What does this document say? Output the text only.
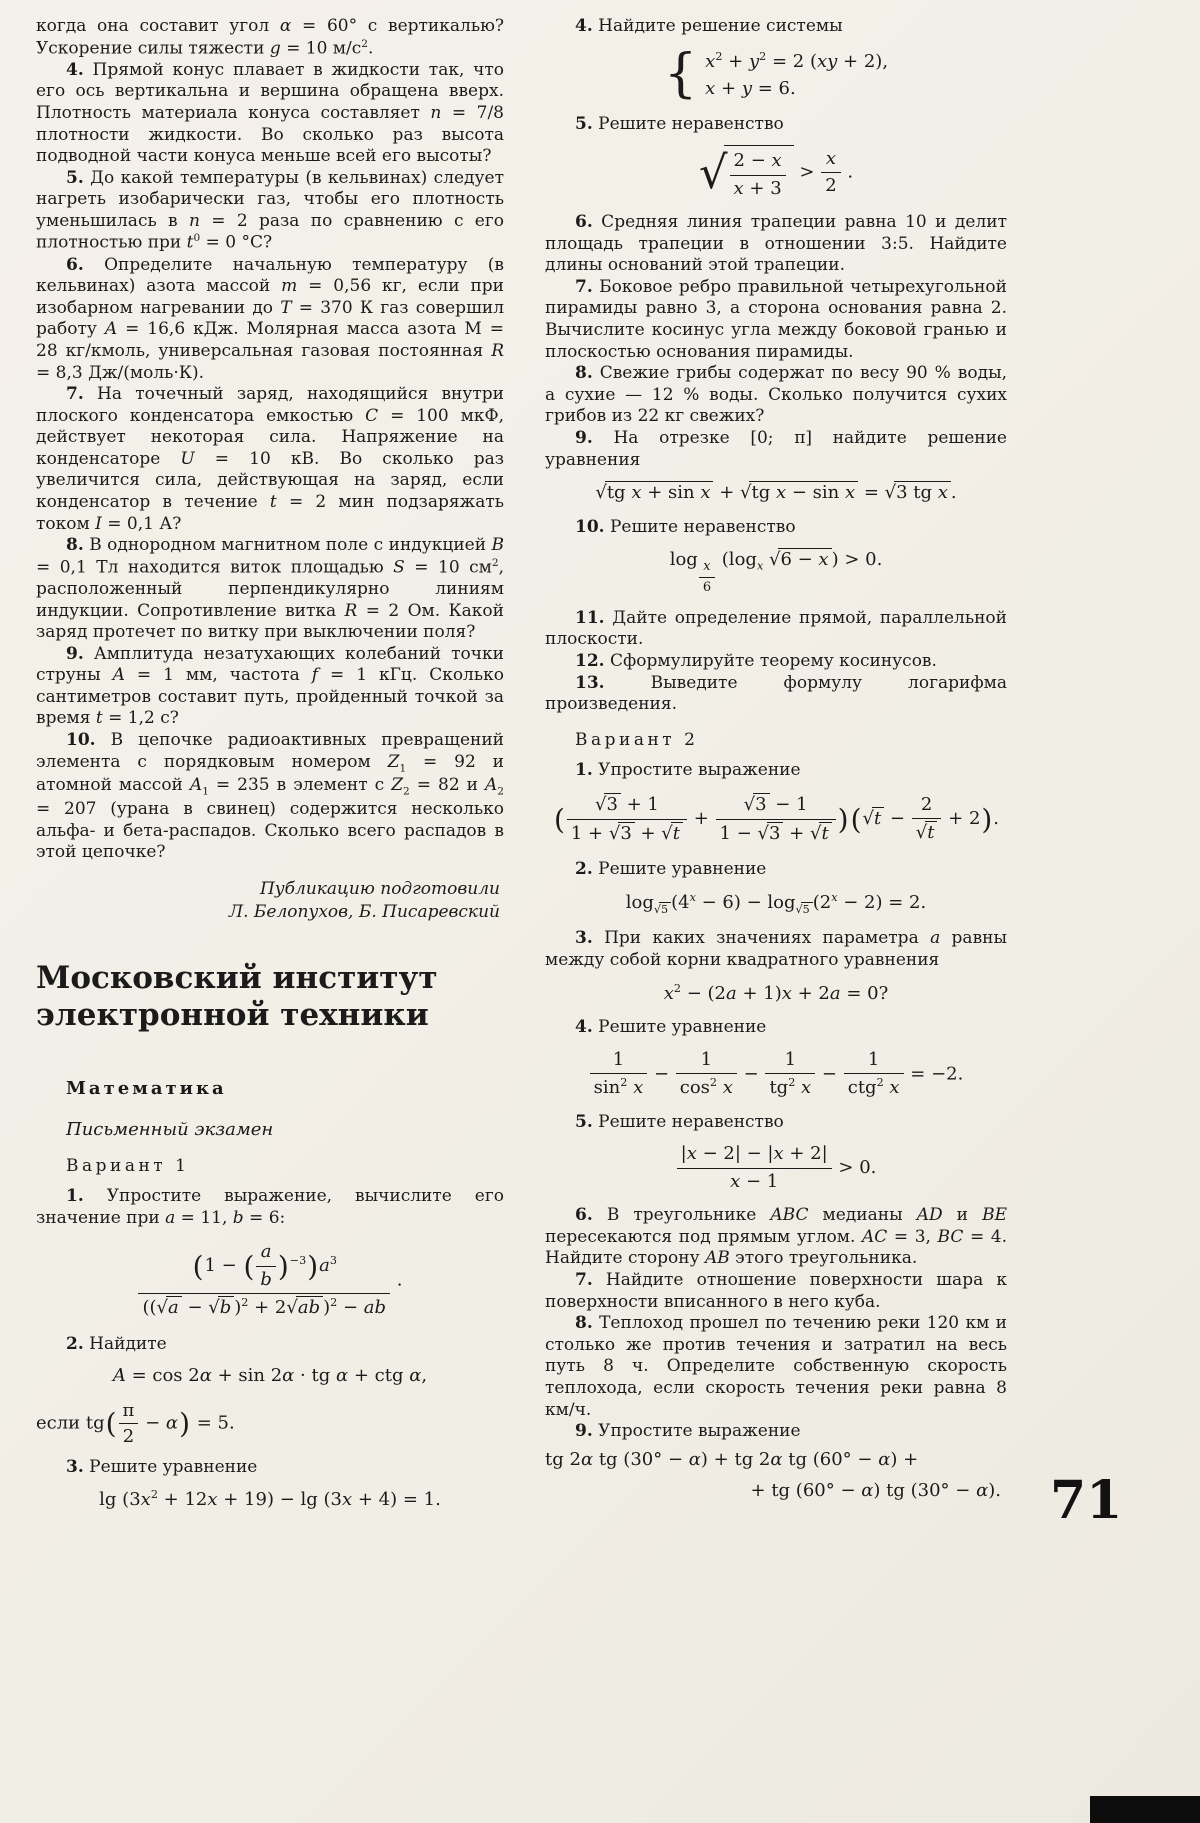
когда она составит угол α = 60° с вертикалью? Ускорение силы тяжести g = 10 $м/с^2$.

4. Прямой конус плавает в жидкости так, что его ось вертикальна и вершина обращена вверх. Плотность материала конуса составляет n = 7/8 плотности жидкости. Во сколько раз высота подводной части конуса меньше всей его высоты?

5. До какой температуры (в кельвинах) следует нагреть изобарически газ, чтобы его плотность уменьшилась в n = 2 раза по сравнению с его плотностью при $t^0 = 0$ °С?

6. Определите начальную температуру (в кельвинах) азота массой m = 0,56 кг, если при изобарном нагревании до T = 370 К газ совершил работу A = 16,6 кДж. Молярная масса азота М = 28 кг/кмоль, универсальная газовая постоянная R = 8,3 Дж/(моль·К).

7. На точечный заряд, находящийся внутри плоского конденсатора емкостью C = 100 мкФ, действует некоторая сила. Напряжение на конденсаторе U = 10 кВ. Во сколько раз увеличится сила, действующая на заряд, если конденсатор в течение t = 2 мин подзаряжать током I = 0,1 А?

8. В однородном магнитном поле с индукцией B = 0,1 Тл находится виток площадью S = 10 $см^2$, расположенный перпендикулярно линиям индукции. Сопротивление витка R = 2 Ом. Какой заряд протечет по витку при выключении поля?

9. Амплитуда незатухающих колебаний точки струны A = 1 мм, частота f = 1 кГц. Сколько сантиметров составит путь, пройденный точкой за время t = 1,2 с?

10. В цепочке радиоактивных превращений элемента с порядковым номером $Z_1 = 92$ и атомной массой $A_1 = 235$ в элемент с $Z_2 = 82$ и $A_2 = 207$ (урана в свинец) содержится несколько альфа- и бета-распадов. Сколько всего распадов в этой цепочке?

Публикацию подготовили
Л. Белопухов, Б. Писаревский
Московский институт электронной техники
Математика
Письменный экзамен
Вариант 1

1. Упростите выражение, вычислите его значение при a = 11, b = 6:

$\frac{(1 - ( \frac{a}{b} )^{-3})a^3}{((√a - √b )^2 + 2√ab )^2 - ab}$ .

2. Найдите

A = cos 2α + sin 2α · tg α + ctg α,
если $tg( \frac{\pi}{2} - \alpha) = 5$.

3. Решите уравнение

$\lg (3x^2 + 12x + 19) - \lg (3x + 4) = 1$.

4. Найдите решение системы

{ $x^2 + y^2 = 2$ (xy + 2),
x + y = 6.

5. Решите неравенство

√ $\frac{2 - x}{x + 3} > \frac{x}{2}$ .

6. Средняя линия трапеции равна 10 и делит площадь трапеции в отношении 3:5. Найдите длины оснований этой трапеции.

7. Боковое ребро правильной четырехугольной пирамиды равно 3, а сторона основания равна 2. Вычислите косинус угла между боковой гранью и плоскостью основания пирамиды.

8. Свежие грибы содержат по весу 90 % воды, а сухие — 12 % воды. Сколько получится сухих грибов из 22 кг свежих?

9. На отрезке [0; π] найдите решение уравнения

√tg x + sin x + √tg x − sin x = √3 tg x .

10. Решите неравенство

log $_{\frac{x}{6}}$ ($\log_x$ √6 − x ) > 0.

11. Дайте определение прямой, параллельной плоскости.

12. Сформулируйте теорему косинусов.

13. Выведите формулу логарифма произведения.

Вариант 2

1. Упростите выражение

( $\frac{√3 + 1}{1 + √3 + √t} + \frac{√3 - 1}{1 - √3 + √t} )(√t - \frac{2}{√t} + 2)$.

2. Решите уравнение

$\log_{√5} (4^x - 6) - \log_{√5} (2^x - 2) = 2$.

3. При каких значениях параметра a равны между собой корни квадратного уравнения

$x^2 - (2a + 1)x + 2a = 0$?

4. Решите уравнение

$\frac{1}{\sin^2 x} - \frac{1}{\cos^2 x} - \frac{1}{tg^2 x}$ −
1
ctg$^2$ x
= −2.

5. Решите неравенство

$\frac{|x - 2| - |x + 2|}{x - 1} > 0$.

6. В треугольнике ABC медианы AD и BE пересекаются под прямым углом. AC = 3, BC = 4. Найдите сторону AB этого треугольника.

7. Найдите отношение поверхности шара к поверхности вписанного в него куба.

8. Теплоход прошел по течению реки 120 км и столько же против течения и затратил на весь путь 8 ч. Определите собственную скорость теплохода, если скорость течения реки равна 8 км/ч.

9. Упростите выражение

tg 2α tg (30° − α) + tg 2α tg (60° − α) +
+ tg (60° − α) tg (30° − α). 71
